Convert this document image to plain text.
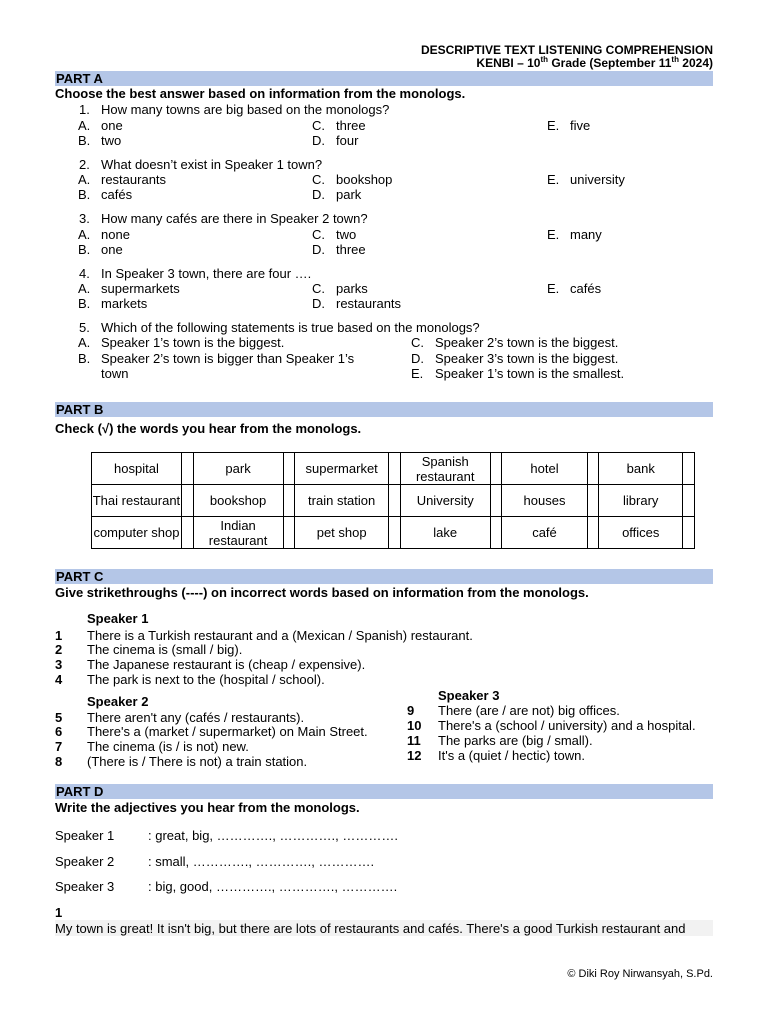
DESCRIPTIVE TEXT LISTENING COMPREHENSION
KENBI – 10th Grade (September 11th 2024)
PART A
Choose the best answer based on information from the monologs.
1. How many towns are big based on the monologs?
A. one	C. three	E. five
B. two	D. four
2. What doesn’t exist in Speaker 1 town?
A. restaurants	C. bookshop	E. university
B. cafés	D. park
3. How many cafés are there in Speaker 2 town?
A. none	C. two	E. many
B. one	D. three
4. In Speaker 3 town, there are four ….
A. supermarkets	C. parks	E. cafés
B. markets	D. restaurants
5. Which of the following statements is true based on the monologs?
A. Speaker 1’s town is the biggest.	C. Speaker 2’s town is the biggest.
B. Speaker 2’s town is bigger than Speaker 1’s
town
D. Speaker 3’s town is the biggest.
E. Speaker 1’s town is the smallest.
PART B
Check (√) the words you hear from the monologs.
hospital		park		supermarket		Spanish restaurant		hotel		bank	
Thai restaurant		bookshop		train station		University		houses		library	
computer shop		Indian restaurant		pet shop		lake		café		offices	
PART C
Give strikethroughs (----) on incorrect words based on information from the monologs.
Speaker 1
1 There is a Turkish restaurant and a (Mexican / Spanish) restaurant.
2 The cinema is (small / big).
3 The Japanese restaurant is (cheap / expensive).
4 The park is next to the (hospital / school).
Speaker 2
5 There aren't any (cafés / restaurants).
6 There's a (market / supermarket) on Main Street.
7 The cinema (is / is not) new.
8 (There is / There is not) a train station.
Speaker 3
9 There (are / are not) big offices.
10 There's a (school / university) and a hospital.
11 The parks are (big / small).
12 It's a (quiet / hectic) town.
PART D
Write the adjectives you hear from the monologs.
Speaker 1	: great, big, …………., …………., ………….
Speaker 2	: small, …………., …………., ………….
Speaker 3	: big, good, …………., …………., ………….
1
My town is great! It isn't big, but there are lots of restaurants and cafés. There's a good Turkish restaurant and
© Diki Roy Nirwansyah, S.Pd.
